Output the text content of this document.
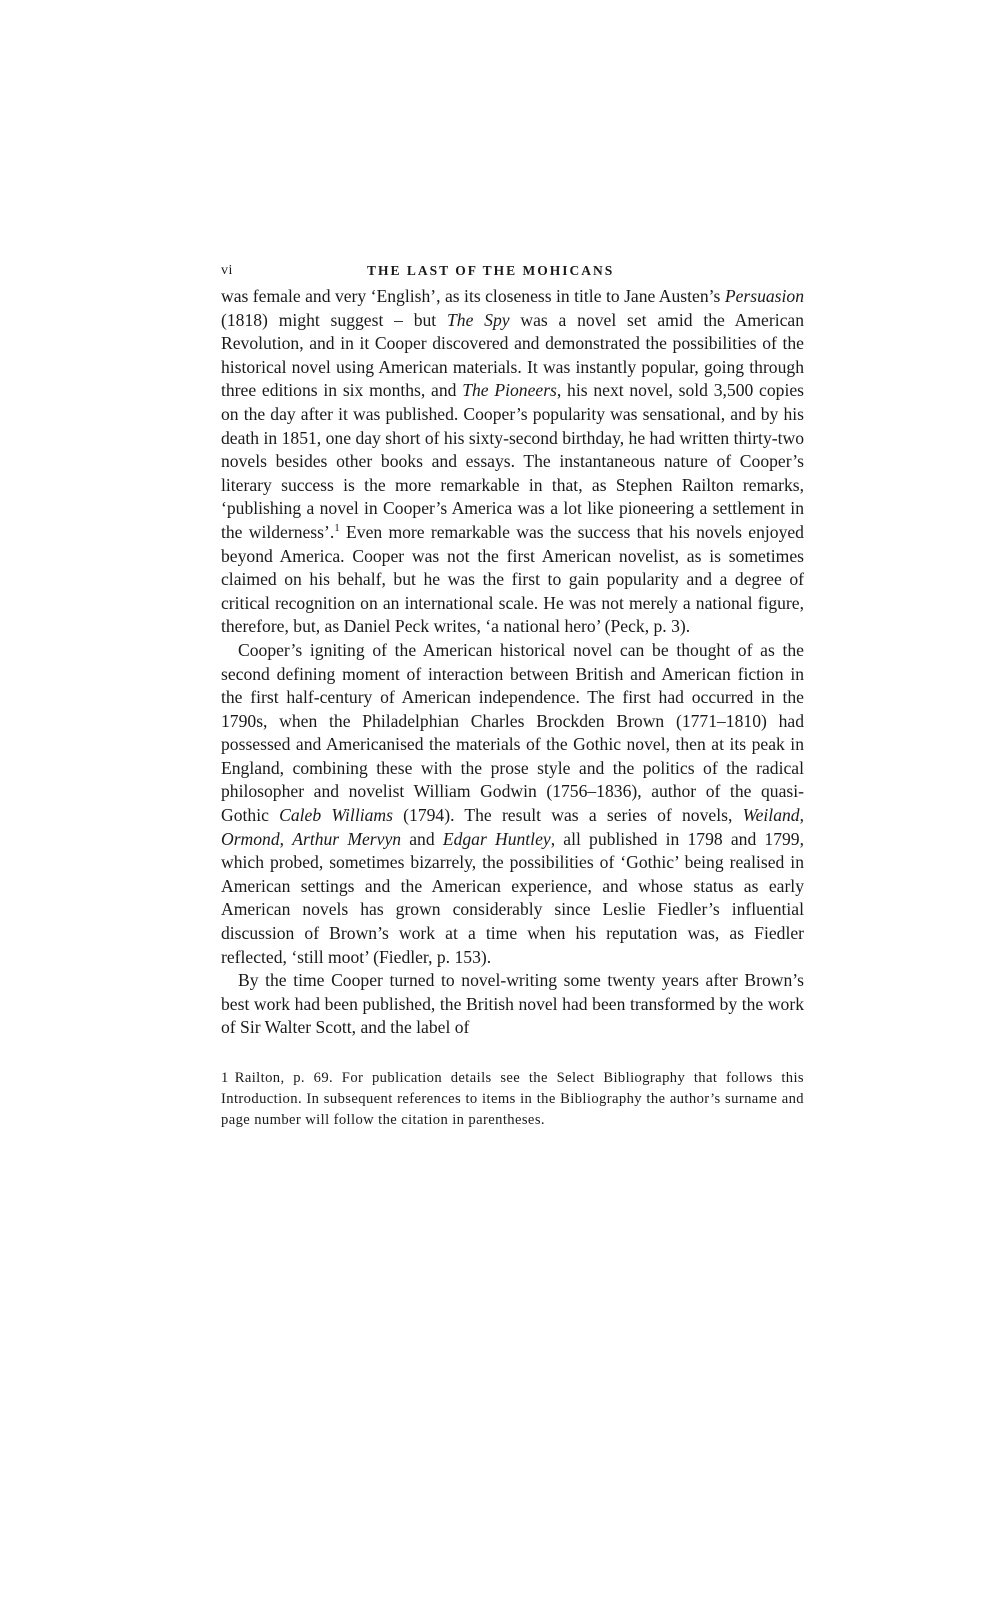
vi	THE LAST OF THE MOHICANS

was female and very ‘English’, as its closeness in title to Jane Austen’s Persuasion (1818) might suggest – but The Spy was a novel set amid the American Revolution, and in it Cooper discovered and demonstrated the possibilities of the historical novel using American materials. It was instantly popular, going through three editions in six months, and The Pioneers, his next novel, sold 3,500 copies on the day after it was published. Cooper’s popularity was sensational, and by his death in 1851, one day short of his sixty-second birthday, he had written thirty-two novels besides other books and essays. The instantaneous nature of Cooper’s literary success is the more remarkable in that, as Stephen Railton remarks, ‘publishing a novel in Cooper’s America was a lot like pioneering a settlement in the wilderness’.$^1$ Even more remarkable was the success that his novels enjoyed beyond America. Cooper was not the first American novelist, as is sometimes claimed on his behalf, but he was the first to gain popularity and a degree of critical recognition on an international scale. He was not merely a national figure, therefore, but, as Daniel Peck writes, ‘a national hero’ (Peck, p. 3).

Cooper’s igniting of the American historical novel can be thought of as the second defining moment of interaction between British and American fiction in the first half-century of American independence. The first had occurred in the 1790s, when the Philadelphian Charles Brockden Brown (1771–1810) had possessed and Americanised the materials of the Gothic novel, then at its peak in England, combining these with the prose style and the politics of the radical philosopher and novelist William Godwin (1756–1836), author of the quasi-Gothic Caleb Williams (1794). The result was a series of novels, Weiland, Ormond, Arthur Mervyn and Edgar Huntley, all published in 1798 and 1799, which probed, sometimes bizarrely, the possibilities of ‘Gothic’ being realised in American settings and the American experience, and whose status as early American novels has grown considerably since Leslie Fiedler’s influential discussion of Brown’s work at a time when his reputation was, as Fiedler reflected, ‘still moot’ (Fiedler, p. 153).

By the time Cooper turned to novel-writing some twenty years after Brown’s best work had been published, the British novel had been transformed by the work of Sir Walter Scott, and the label of

1 Railton, p. 69. For publication details see the Select Bibliography that follows this Introduction. In subsequent references to items in the Bibliography the author’s surname and page number will follow the citation in parentheses.
